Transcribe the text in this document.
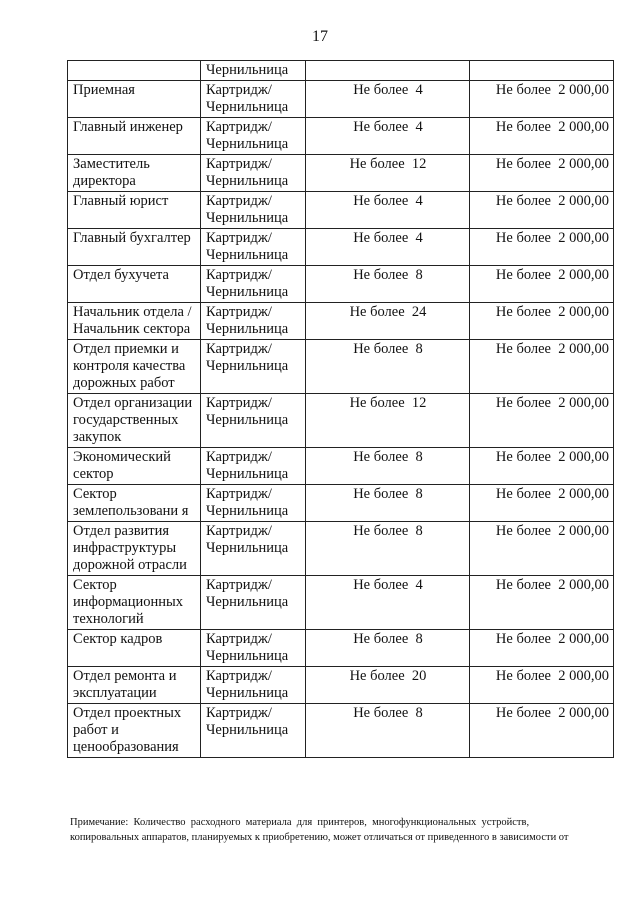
17
	Чернильница		
Приемная	Картридж/ Чернильница	Не более  4	Не более  2 000,00
Главный инженер	Картридж/ Чернильница	Не более  4	Не более  2 000,00
Заместитель директора	Картридж/ Чернильница	Не более  12	Не более  2 000,00
Главный юрист	Картридж/ Чернильница	Не более  4	Не более  2 000,00
Главный бухгалтер	Картридж/ Чернильница	Не более  4	Не более  2 000,00
Отдел бухучета	Картридж/ Чернильница	Не более  8	Не более  2 000,00
Начальник отдела / Начальник сектора	Картридж/ Чернильница	Не более  24	Не более  2 000,00
Отдел приемки и контроля качества дорожных работ	Картридж/ Чернильница	Не более  8	Не более  2 000,00
Отдел организации государственных закупок	Картридж/ Чернильница	Не более  12	Не более  2 000,00
Экономический сектор	Картридж/ Чернильница	Не более  8	Не более  2 000,00
Сектор землепользовани я	Картридж/ Чернильница	Не более  8	Не более  2 000,00
Отдел развития инфраструктуры дорожной отрасли	Картридж/ Чернильница	Не более  8	Не более  2 000,00
Сектор информационных технологий	Картридж/ Чернильница	Не более  4	Не более  2 000,00
Сектор кадров	Картридж/ Чернильница	Не более  8	Не более  2 000,00
Отдел ремонта и эксплуатации	Картридж/ Чернильница	Не более  20	Не более  2 000,00
Отдел проектных работ и ценообразования	Картридж/ Чернильница	Не более  8	Не более  2 000,00
Примечание:  Количество  расходного  материала  для  принтеров,  многофункциональных  устройств,
копировальных аппаратов, планируемых к приобретению, может отличаться от приведенного в зависимости от
